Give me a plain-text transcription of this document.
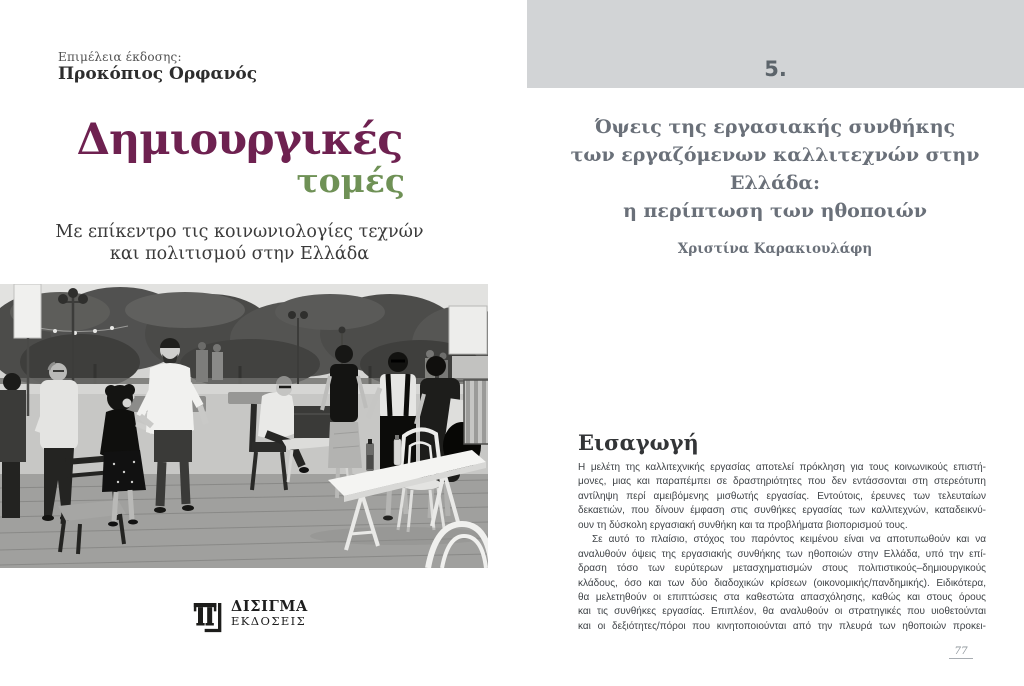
Επιμέλεια έκδοσης:
Προκόπιος Ορφανός
Δημιουργικές
τομές
Με επίκεντρο τις κοινωνιολογίες τεχνών
και πολιτισμού στην Ελλάδα
ΔΙΣΙΓΜΑ
ΕΚΔΟΣΕΙΣ
5.
Όψεις της εργασιακής συνθήκης
των εργαζόμενων καλλιτεχνών στην
Ελλάδα:
η περίπτωση των ηθοποιών
Χριστίνα Καρακιουλάφη
Εισαγωγή
Η μελέτη της καλλιτεχνικής εργασίας αποτελεί πρόκληση για τους κοινωνικούς επιστή-
μονες, μιας και παραπέμπει σε δραστηριότητες που δεν εντάσσονται στη στερεότυπη
αντίληψη περί αμειβόμενης μισθωτής εργασίας. Εντούτοις, έρευνες των τελευταίων
δεκαετιών, που δίνουν έμφαση στις συνθήκες εργασίας των καλλιτεχνών, καταδεικνύ-
ουν τη δύσκολη εργασιακή συνθήκη και τα προβλήματα βιοπορισμού τους.
Σε αυτό το πλαίσιο, στόχος του παρόντος κειμένου είναι να αποτυπωθούν και να
αναλυθούν όψεις της εργασιακής συνθήκης των ηθοποιών στην Ελλάδα, υπό την επί-
δραση τόσο των ευρύτερων μετασχηματισμών στους πολιτιστικούς–δημιουργικούς
κλάδους, όσο και των δύο διαδοχικών κρίσεων (οικονομικής/πανδημικής). Ειδικότερα,
θα μελετηθούν οι επιπτώσεις στα καθεστώτα απασχόλησης, καθώς και στους όρους
και τις συνθήκες εργασίας. Επιπλέον, θα αναλυθούν οι στρατηγικές που υιοθετούνται
και οι δεξιότητες/πόροι που κινητοποιούνται από την πλευρά των ηθοποιών προκει-
77
